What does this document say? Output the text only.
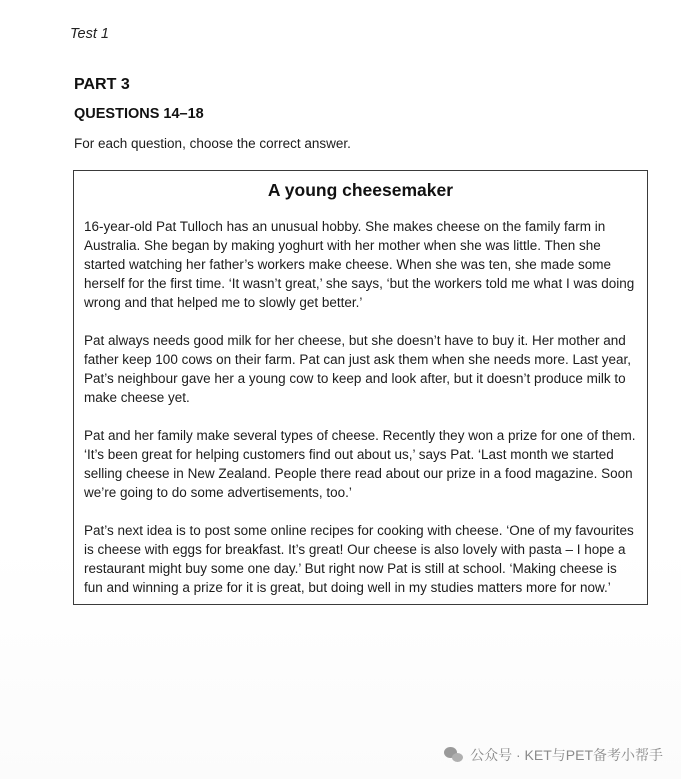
Test 1
PART 3
QUESTIONS 14–18
For each question, choose the correct answer.
A young cheesemaker

16-year-old Pat Tulloch has an unusual hobby. She makes cheese on the family farm in Australia. She began by making yoghurt with her mother when she was little. Then she started watching her father’s workers make cheese. When she was ten, she made some herself for the first time. ‘It wasn’t great,’ she says, ‘but the workers told me what I was doing wrong and that helped me to slowly get better.’

Pat always needs good milk for her cheese, but she doesn’t have to buy it. Her mother and father keep 100 cows on their farm. Pat can just ask them when she needs more. Last year, Pat’s neighbour gave her a young cow to keep and look after, but it doesn’t produce milk to make cheese yet.

Pat and her family make several types of cheese. Recently they won a prize for one of them. ‘It’s been great for helping customers find out about us,’ says Pat. ‘Last month we started selling cheese in New Zealand. People there read about our prize in a food magazine. Soon we’re going to do some advertisements, too.’

Pat’s next idea is to post some online recipes for cooking with cheese. ‘One of my favourites is cheese with eggs for breakfast. It’s great! Our cheese is also lovely with pasta – I hope a restaurant might buy some one day.’ But right now Pat is still at school. ‘Making cheese is fun and winning a prize for it is great, but doing well in my studies matters more for now.’

公众号 · KET与PET备考小帮手
